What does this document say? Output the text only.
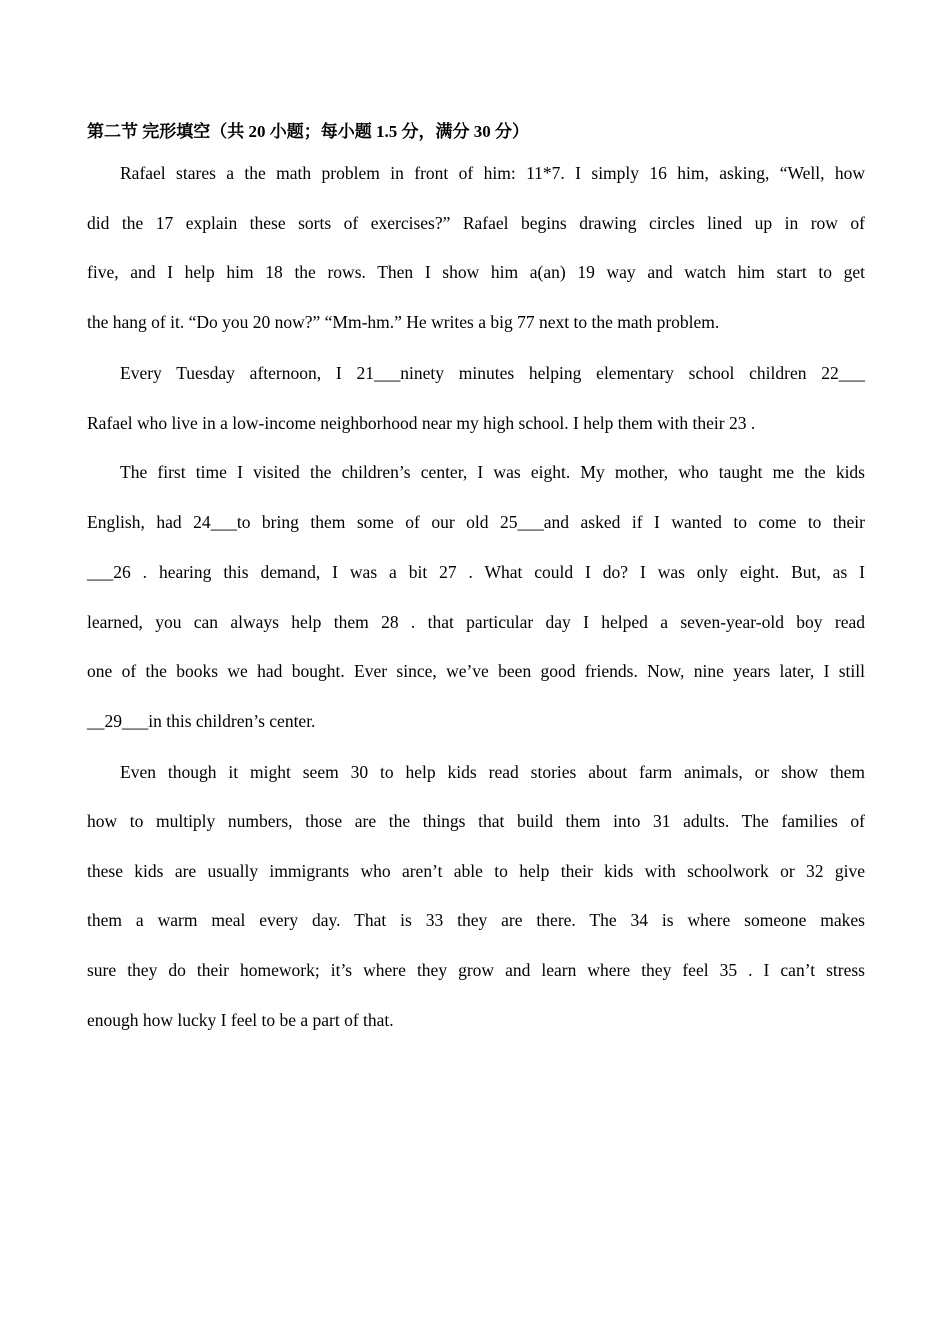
第二节 完形填空（共 20 小题；每小题 1.5 分，满分 30 分）
Rafael stares a the math problem in front of him: 11*7. I simply 16 him, asking, “Well, how
did the 17 explain these sorts of exercises?” Rafael begins drawing circles lined up in row of
five, and I help him 18 the rows. Then I show him a(an) 19 way and watch him start to get
the hang of it. “Do you 20 now?” “Mm-hm.” He writes a big 77 next to the math problem.
Every Tuesday afternoon, I 21___ninety minutes helping elementary school children 22___
Rafael who live in a low-income neighborhood near my high school. I help them with their 23 .
The first time I visited the children’s center, I was eight. My mother, who taught me the kids
English, had 24___to bring them some of our old 25___and asked if I wanted to come to their
___26 . hearing this demand, I was a bit 27 . What could I do? I was only eight. But, as I
learned, you can always help them 28 . that particular day I helped a seven-year-old boy read
one of the books we had bought. Ever since, we’ve been good friends. Now, nine years later, I still
__29___in this children’s center.
Even though it might seem 30 to help kids read stories about farm animals, or show them
how to multiply numbers, those are the things that build them into 31 adults. The families of
these kids are usually immigrants who aren’t able to help their kids with schoolwork or 32 give
them a warm meal every day. That is 33 they are there. The 34 is where someone makes
sure they do their homework; it’s where they grow and learn where they feel 35 . I can’t stress
enough how lucky I feel to be a part of that.
